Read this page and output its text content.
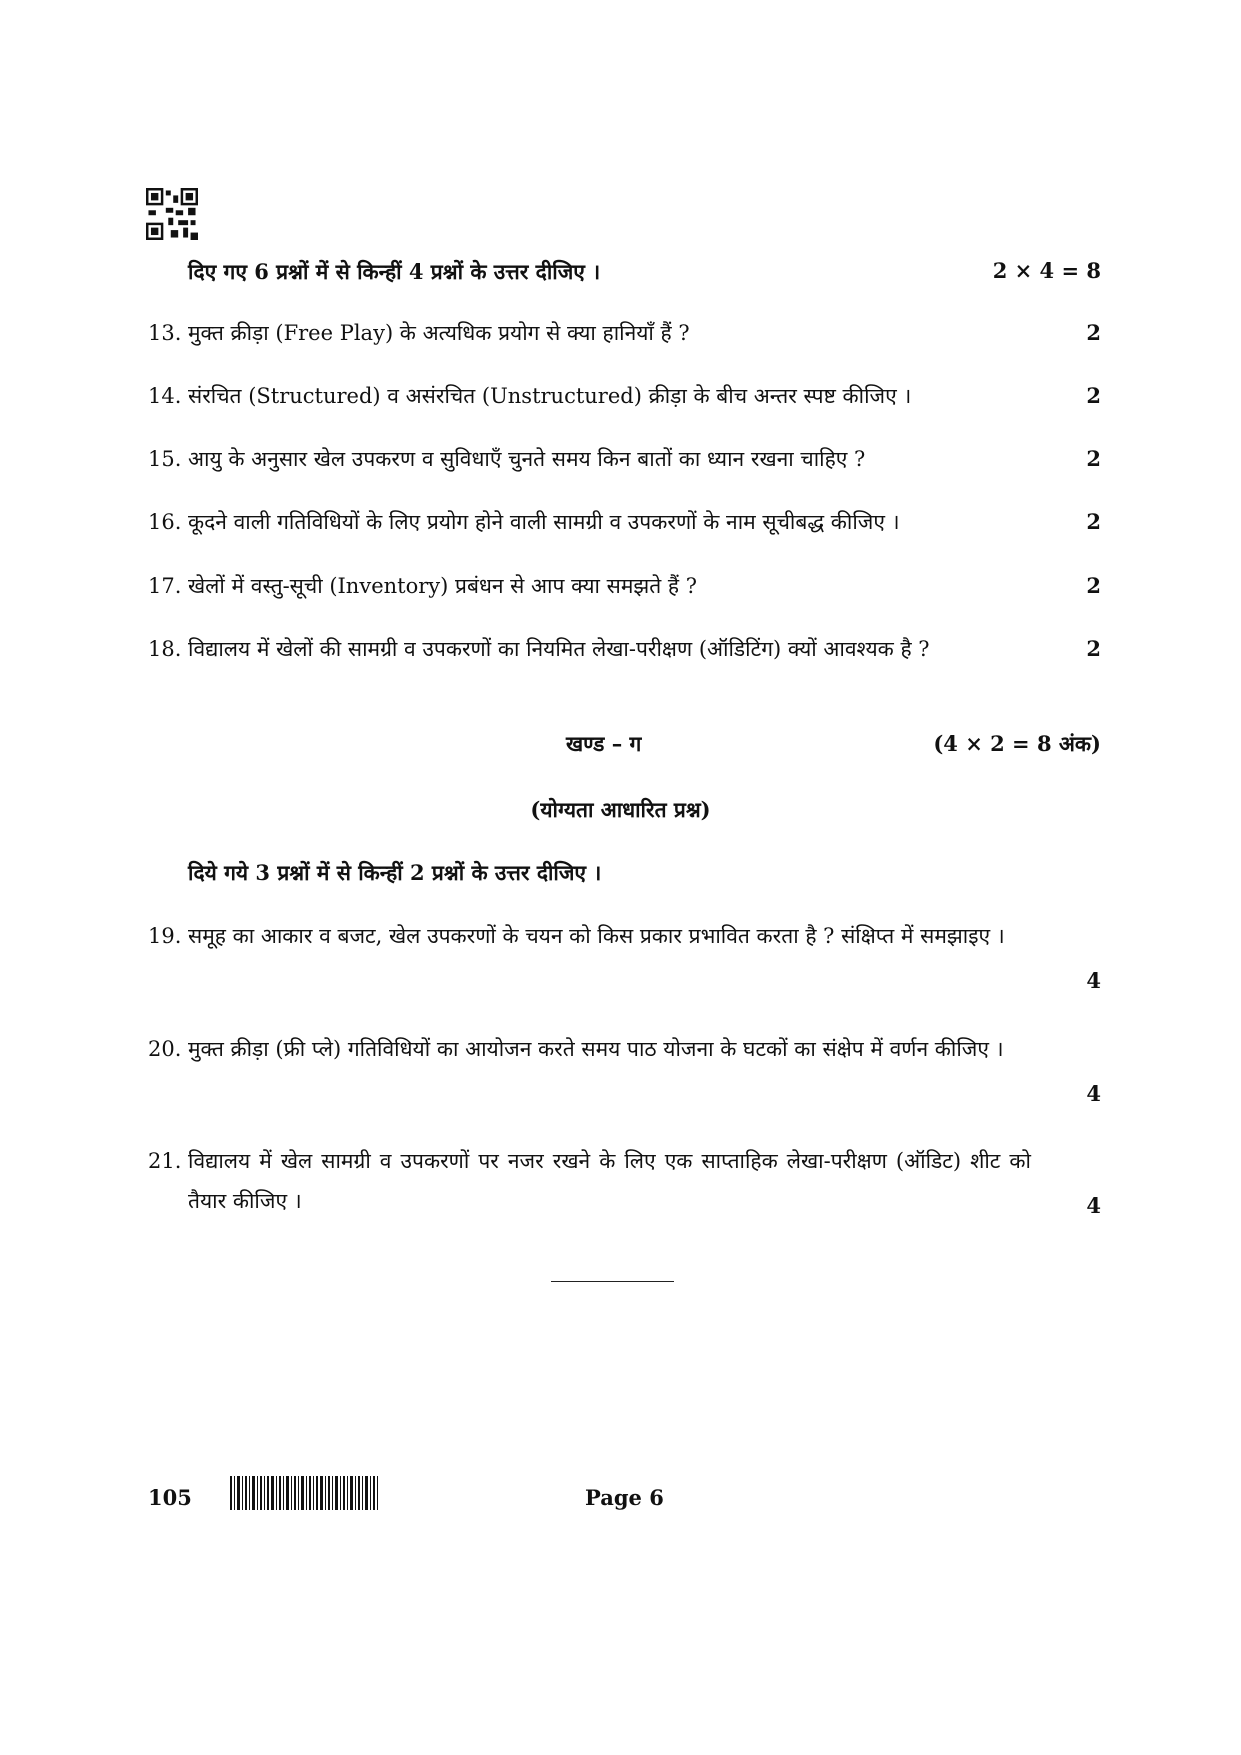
दिए गए 6 प्रश्नों में से किन्हीं 4 प्रश्नों के उत्तर दीजिए ।	2 × 4 = 8
13. मुक्त क्रीड़ा (Free Play) के अत्यधिक प्रयोग से क्या हानियाँ हैं ?	2
14. संरचित (Structured) व असंरचित (Unstructured) क्रीड़ा के बीच अन्तर स्पष्ट कीजिए ।	2
15. आयु के अनुसार खेल उपकरण व सुविधाएँ चुनते समय किन बातों का ध्यान रखना चाहिए ?	2
16. कूदने वाली गतिविधियों के लिए प्रयोग होने वाली सामग्री व उपकरणों के नाम सूचीबद्ध कीजिए ।	2
17. खेलों में वस्तु-सूची (Inventory) प्रबंधन से आप क्या समझते हैं ?	2
18. विद्यालय में खेलों की सामग्री व उपकरणों का नियमित लेखा-परीक्षण (ऑडिटिंग) क्यों आवश्यक है ?	2
खण्ड – ग	(4 × 2 = 8 अंक)
(योग्यता आधारित प्रश्न)
दिये गये 3 प्रश्नों में से किन्हीं 2 प्रश्नों के उत्तर दीजिए ।
19. समूह का आकार व बजट, खेल उपकरणों के चयन को किस प्रकार प्रभावित करता है ? संक्षिप्त में समझाइए ।
4
20. मुक्त क्रीड़ा (फ्री प्ले) गतिविधियों का आयोजन करते समय पाठ योजना के घटकों का संक्षेप में वर्णन कीजिए ।
4
21. विद्यालय में खेल सामग्री व उपकरणों पर नजर रखने के लिए एक साप्ताहिक लेखा-परीक्षण (ऑडिट) शीट को तैयार कीजिए ।	4
105	Page 6
